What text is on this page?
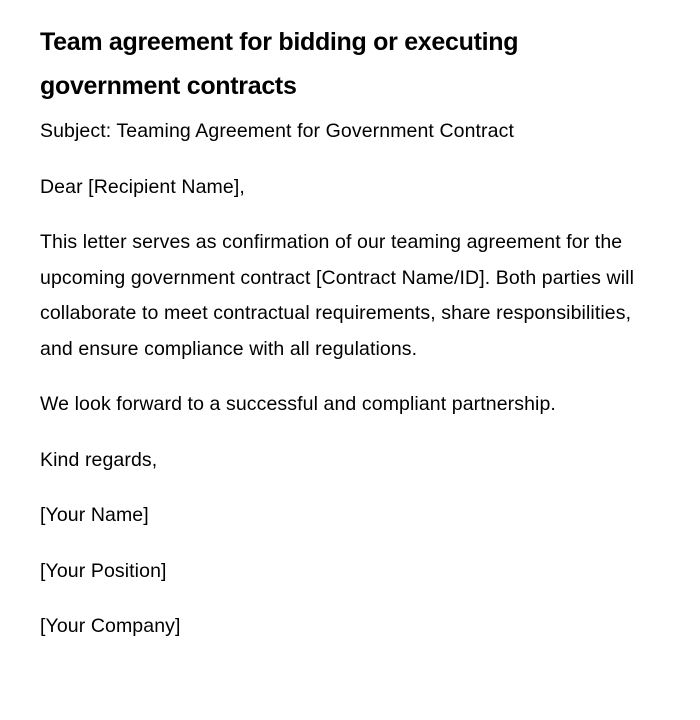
Team agreement for bidding or executing government contracts

Subject: Teaming Agreement for Government Contract

Dear [Recipient Name],

This letter serves as confirmation of our teaming agreement for the upcoming government contract [Contract Name/ID]. Both parties will collaborate to meet contractual requirements, share responsibilities, and ensure compliance with all regulations.

We look forward to a successful and compliant partnership.

Kind regards,

[Your Name]

[Your Position]

[Your Company]
